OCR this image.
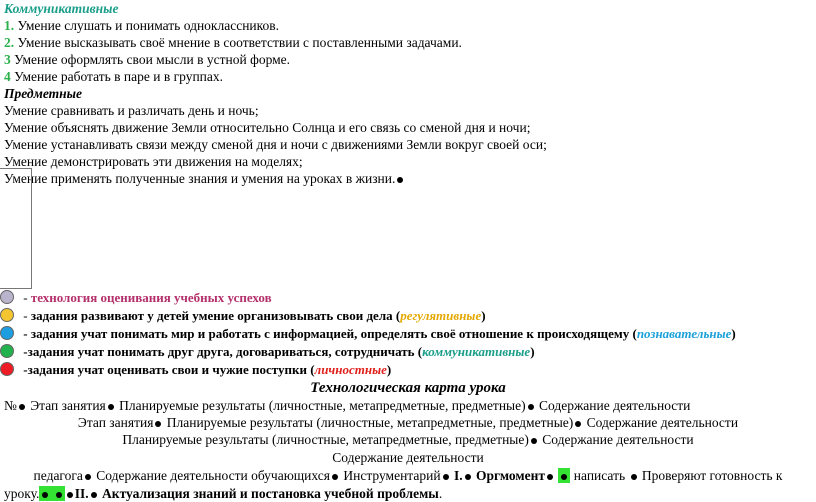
Коммуникативные
1. Умение слушать и понимать одноклассников.
2. Умение высказывать своё мнение в соответствии с поставленными задачами.
3 Умение оформлять свои мысли в устной форме.
4 Умение работать в паре и в группах.
Предметные
Умение сравнивать и различать день и ночь;
Умение объяснять движение Земли относительно Солнца и его связь со сменой дня и ночи;
Умение устанавливать связи между сменой дня и ночи с движениями Земли вокруг своей оси;
Умение демонстрировать эти движения на моделях;
Умение применять полученные знания и умения на уроках в жизни.
- технология оценивания учебных успехов
- задания развивают у детей умение организовывать свои дела (регулятивные)
- задания учат понимать мир и работать с информацией, определять своё отношение к происходящему (познавательные)
-задания учат понимать друг друга, договариваться, сотрудничать (коммуникативные)
-задания учат оценивать свои и чужие поступки (личностные)
Технологическая карта урока
№ Этап занятия Планируемые результаты (личностные, метапредметные, предметные) Содержание деятельности
Этап занятия Планируемые результаты (личностные, метапредметные, предметные) Содержание деятельности
Планируемые результаты (личностные, метапредметные, предметные) Содержание деятельности
Содержание деятельности
педагога Содержание деятельности обучающихся Инструментарий I. Оргмомент  написать  Проверяют готовность к
уроку.	II. Актуализация знаний и постановка учебной проблемы.
